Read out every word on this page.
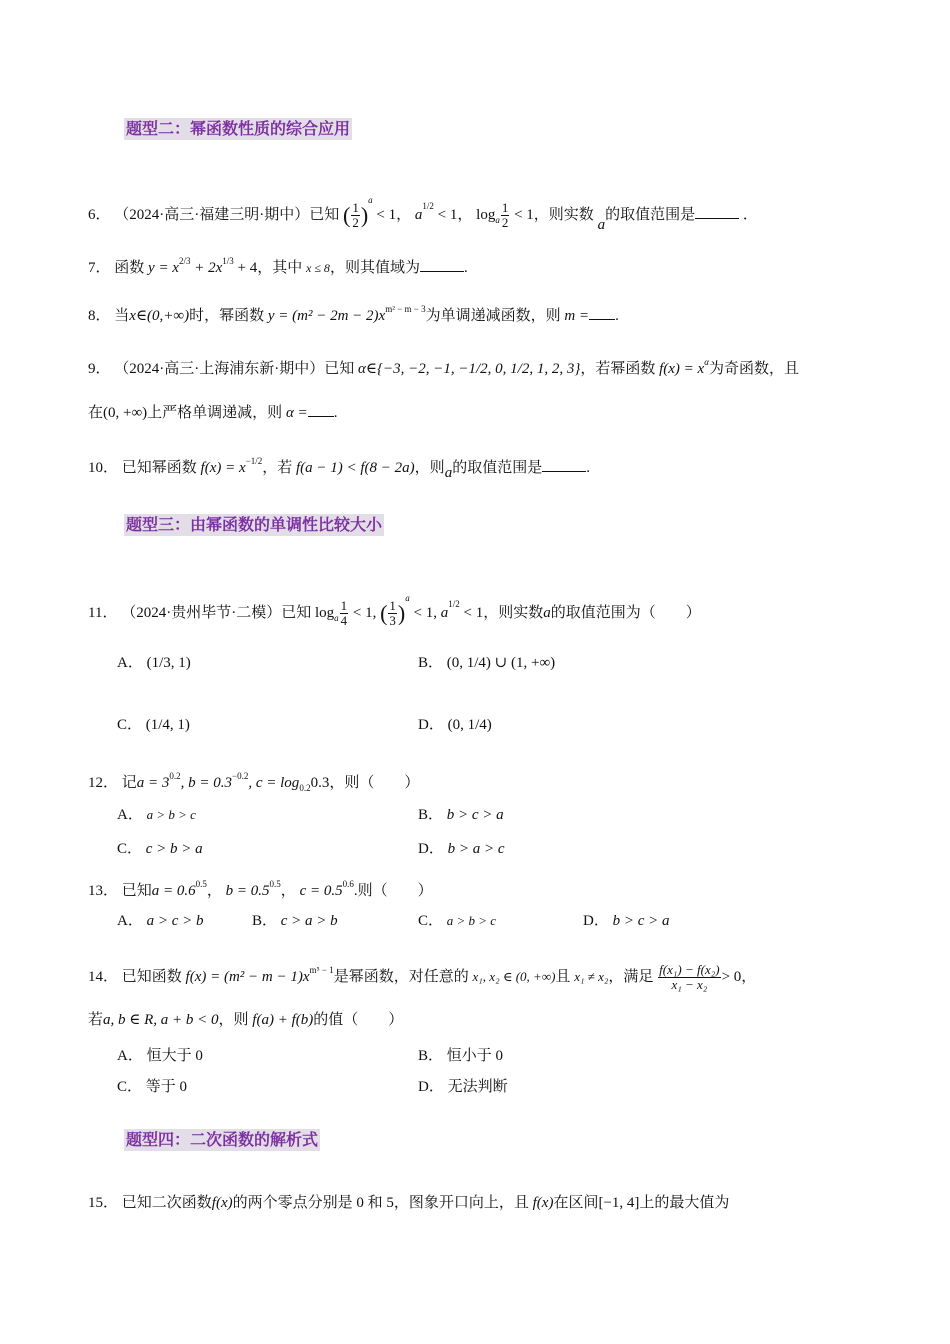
题型二：幂函数性质的综合应用
6． （2024·高三·福建三明·期中）已知 ( $\frac{1}{2} )^a < 1$， $a^{1/2} < 1$， $\log_a \frac{1}{2} < 1$，则实数 a的取值范围是	．
7． 函数 $y = x^{2/3} + 2x^{1/3} + 4$，其中 x ≤ 8，则其值域为	.
8． 当x∈(0,+∞)时，幂函数 $y = (m^2 - 2m - 2)x^{m^2 - m - 3}$为单调递减函数，则 m = .
9． （2024·高三·上海浦东新·期中）已知 α∈{−3, −2, −1, −1/2, 0, 1/2, 1, 2, 3}，若幂函数 $f(x) = x^\alpha$为奇函数，且
在(0, +∞)上严格单调递减，则 α = .
10． 已知幂函数 $f(x) = x^{-1/2}$，若 f(a − 1) < f(8 − 2a)，则a的取值范围是	.
题型三：由幂函数的单调性比较大小
11． （2024·贵州毕节·二模）已知 $\log_a \frac{1}{4} < 1$, ( $\frac{1}{3} )^a < 1$, $a^{1/2} < 1$，则实数a的取值范围为（　　）
A． (1/3, 1)	B． (0, 1/4) ∪ (1, +∞)
C． (1/4, 1)	D． (0, 1/4)
12． 记$a = 3^{0.2}$, $b = 0.3^{-0.2}$, $c = \log_{0.2}0.3$，则（　　）
A． a > b > c	B． b > c > a
C． c > b > a	D． b > a > c
13． 已知$a = 0.6^{0.5}$， $b = 0.5^{0.5}$， $c = 0.5^{0.6}$.则（　　）
A． a > c > b	B． c > a > b	C． a > b > c	D． b > c > a
14． 已知函数 $f(x) = (m^2 - m - 1)x^{m^5 - 1}$是幂函数，对任意的 x₁, x₂ ∈ (0, +∞)且 x₁ ≠ x₂，满足 $\frac{\text{f(x₁) − f(x₂)}}{\text{x₁ − x₂}} > 0$，
若a, b ∈ R, a + b < 0，则 f(a) + f(b)的值（　　）
A． 恒大于 0	B． 恒小于 0
C． 等于 0	D． 无法判断
题型四：二次函数的解析式
15． 已知二次函数f(x)的两个零点分别是 0 和 5，图象开口向上，且 f(x)在区间[−1, 4]上的最大值为
